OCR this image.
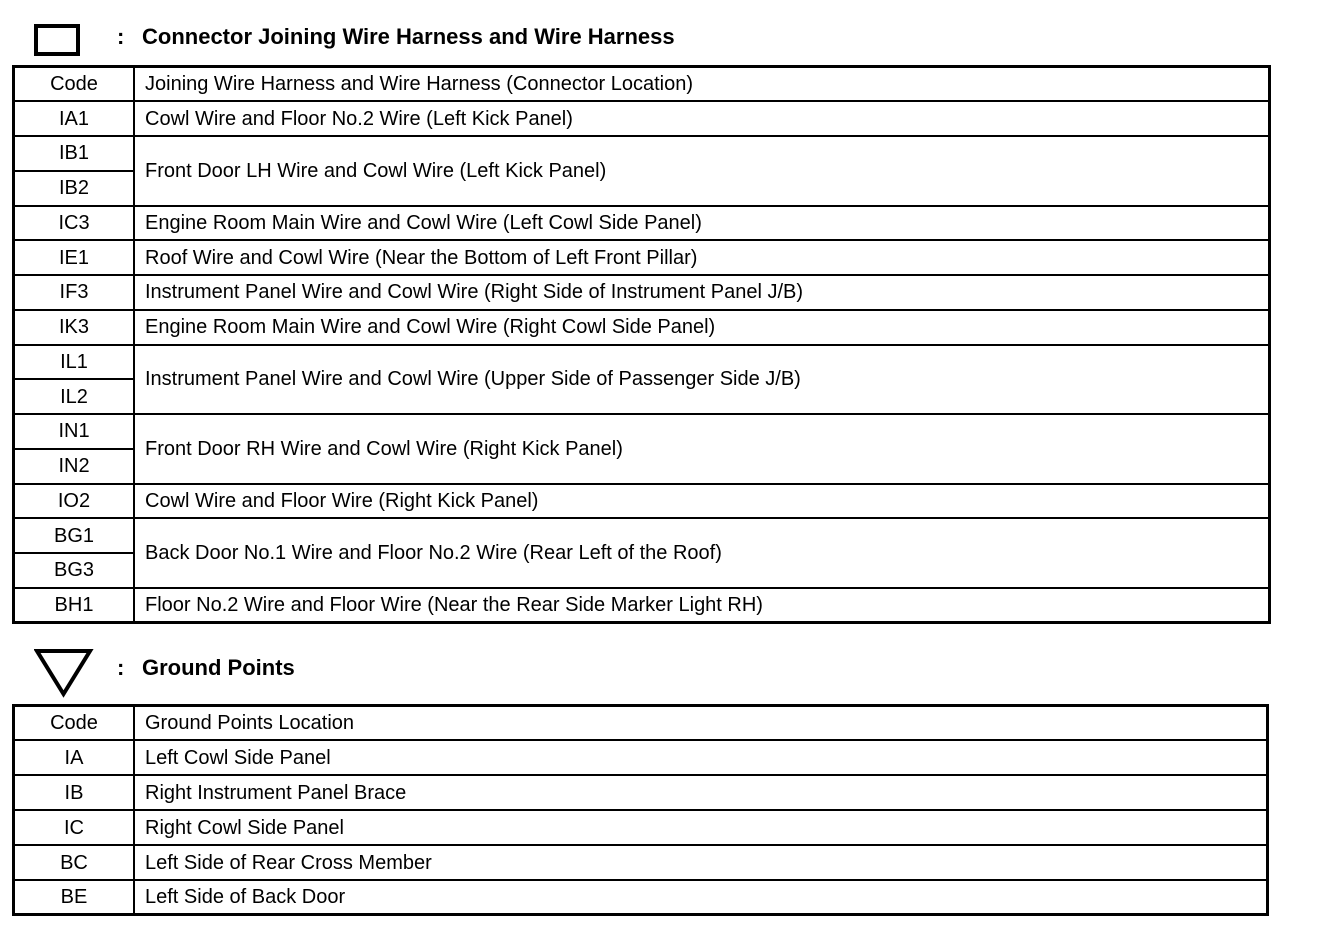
: Connector Joining Wire Harness and Wire Harness
Code	Joining Wire Harness and Wire Harness (Connector Location)
IA1	Cowl Wire and Floor No.2 Wire (Left Kick Panel)
IB1	Front Door LH Wire and Cowl Wire (Left Kick Panel)
IB2	
IC3	Engine Room Main Wire and Cowl Wire (Left Cowl Side Panel)
IE1	Roof Wire and Cowl Wire (Near the Bottom of Left Front Pillar)
IF3	Instrument Panel Wire and Cowl Wire (Right Side of Instrument Panel J/B)
IK3	Engine Room Main Wire and Cowl Wire (Right Cowl Side Panel)
IL1	Instrument Panel Wire and Cowl Wire (Upper Side of Passenger Side J/B)
IL2	
IN1	Front Door RH Wire and Cowl Wire (Right Kick Panel)
IN2	
IO2	Cowl Wire and Floor Wire (Right Kick Panel)
BG1	Back Door No.1 Wire and Floor No.2 Wire (Rear Left of the Roof)
BG3	
BH1	Floor No.2 Wire and Floor Wire (Near the Rear Side Marker Light RH)
: Ground Points
Code	Ground Points Location
IA	Left Cowl Side Panel
IB	Right Instrument Panel Brace
IC	Right Cowl Side Panel
BC	Left Side of Rear Cross Member
BE	Left Side of Back Door
